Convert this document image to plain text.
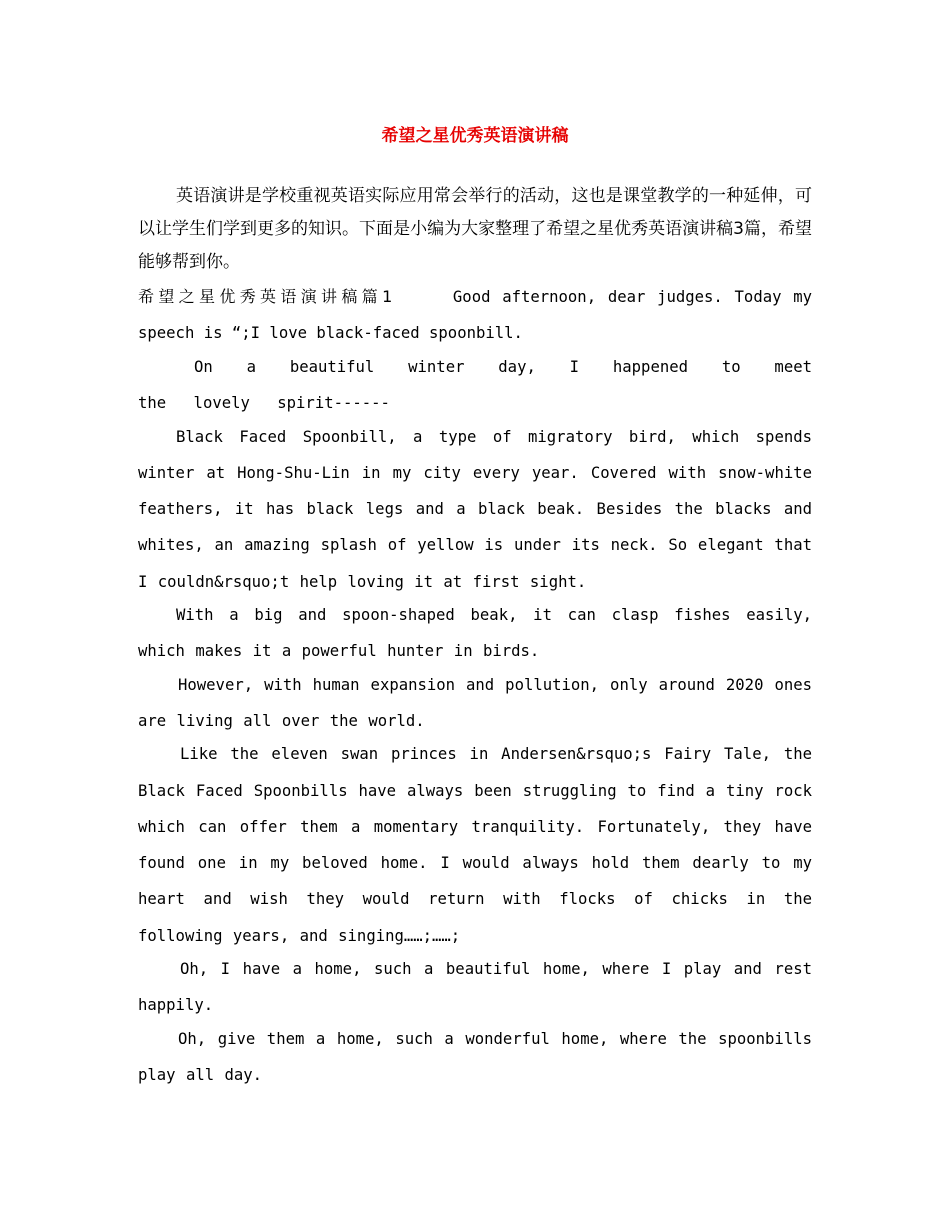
希望之星优秀英语演讲稿

英语演讲是学校重视英语实际应用常会举行的活动，这也是课堂教学的一种延伸，可以让学生们学到更多的知识。下面是小编为大家整理了希望之星优秀英语演讲稿3篇，希望能够帮到你。

希望之星优秀英语演讲稿篇1	Good afternoon, dear judges. Today my speech is “;I love black-faced spoonbill.

On a beautiful winter day, I happened to meet the lovely spirit------

Black Faced Spoonbill, a type of migratory bird, which spends winter at Hong-Shu-Lin in my city every year. Covered with snow-white feathers, it has black legs and a black beak. Besides the blacks and whites, an amazing splash of yellow is under its neck. So elegant that I couldn&rsquo;t help loving it at first sight.

With a big and spoon-shaped beak, it can clasp fishes easily, which makes it a powerful hunter in birds.

However, with human expansion and pollution, only around 2020 ones are living all over the world.

Like the eleven swan princes in Andersen&rsquo;s Fairy Tale, the Black Faced Spoonbills have always been struggling to find a tiny rock which can offer them a momentary tranquility. Fortunately, they have found one in my beloved home. I would always hold them dearly to my heart and wish they would return with flocks of chicks in the following years, and singing……;……;

Oh, I have a home, such a beautiful home, where I play and rest happily.

Oh, give them a home, such a wonderful home, where the spoonbills play all day.
